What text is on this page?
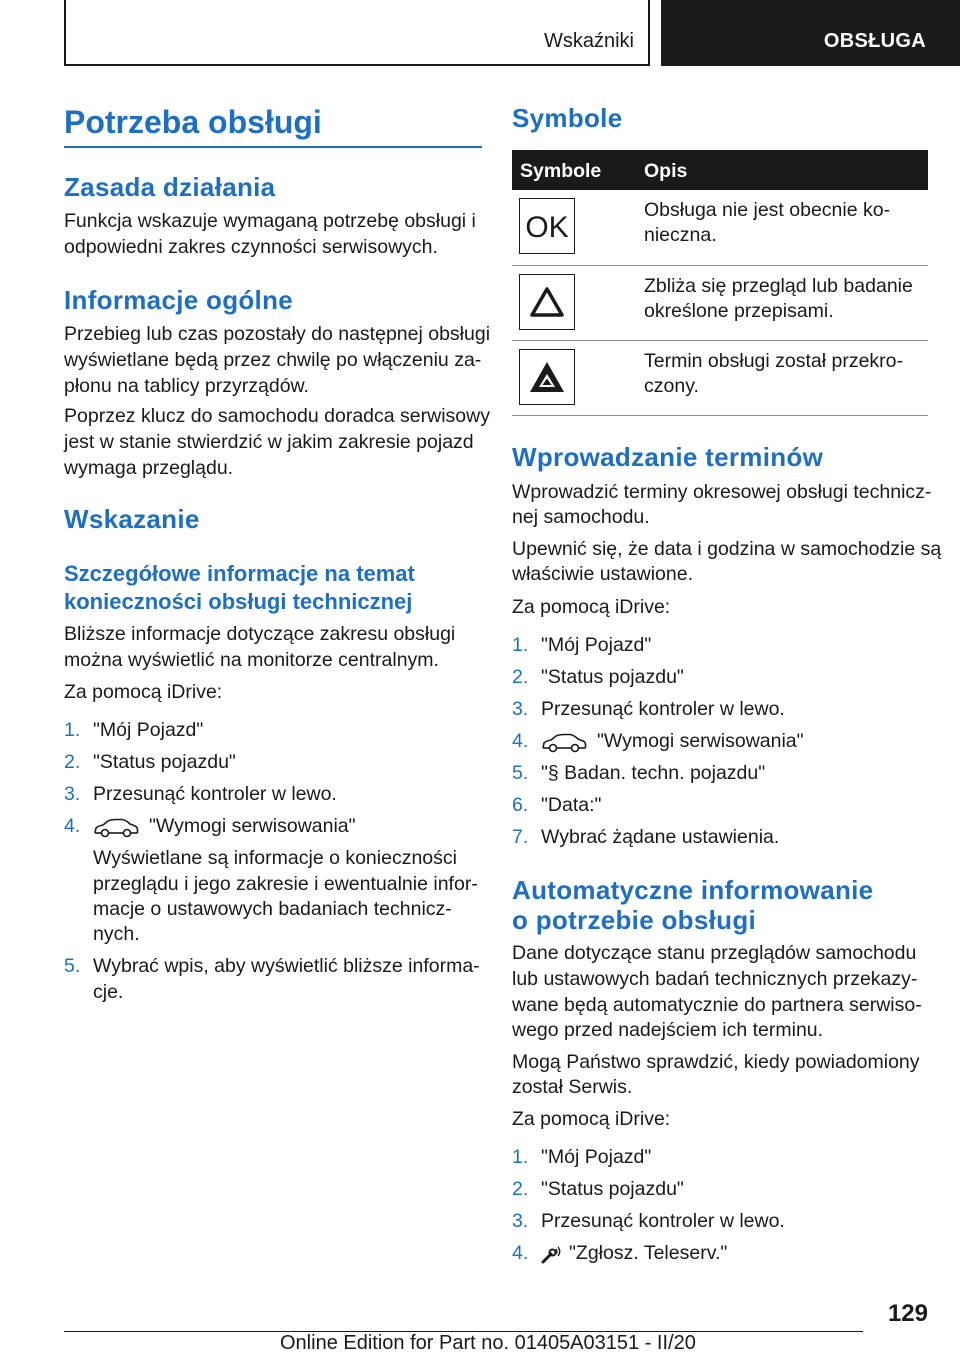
Wskaźniki	OBSŁUGA
Potrzeba obsługi
Zasada działania
Funkcja wskazuje wymaganą potrzebę obsługi i
odpowiedni zakres czynności serwisowych.
Informacje ogólne
Przebieg lub czas pozostały do następnej obsługi
wyświetlane będą przez chwilę po włączeniu za‐
płonu na tablicy przyrządów.
Poprzez klucz do samochodu doradca serwisowy
jest w stanie stwierdzić w jakim zakresie pojazd
wymaga przeglądu.
Wskazanie
Szczegółowe informacje na temat
konieczności obsługi technicznej
Bliższe informacje dotyczące zakresu obsługi
można wyświetlić na monitorze centralnym.
Za pomocą iDrive:
1. "Mój Pojazd"
2. "Status pojazdu"
3. Przesunąć kontroler w lewo.
4.	"Wymogi serwisowania"
Wyświetlane są informacje o konieczności
przeglądu i jego zakresie i ewentualnie infor‐
macje o ustawowych badaniach technicz‐
nych.
5. Wybrać wpis, aby wyświetlić bliższe informa‐
cje.
Symbole
Symbole Opis
OK
Obsługa nie jest obecnie ko‐
nieczna.
Zbliża się przegląd lub badanie
określone przepisami.
Termin obsługi został przekro‐
czony.
Wprowadzanie terminów
Wprowadzić terminy okresowej obsługi technicz‐
nej samochodu.
Upewnić się, że data i godzina w samochodzie są
właściwie ustawione.
Za pomocą iDrive:
1. "Mój Pojazd"
2. "Status pojazdu"
3. Przesunąć kontroler w lewo.
4.	"Wymogi serwisowania"
5. "§ Badan. techn. pojazdu"
6. "Data:"
7. Wybrać żądane ustawienia.
Automatyczne informowanie
o potrzebie obsługi
Dane dotyczące stanu przeglądów samochodu
lub ustawowych badań technicznych przekazy‐
wane będą automatycznie do partnera serwiso‐
wego przed nadejściem ich terminu.
Mogą Państwo sprawdzić, kiedy powiadomiony
został Serwis.
Za pomocą iDrive:
1. "Mój Pojazd"
2. "Status pojazdu"
3. Przesunąć kontroler w lewo.
4. "Zgłosz. Teleserv."
129
Online Edition for Part no. 01405A03151 - II/20
